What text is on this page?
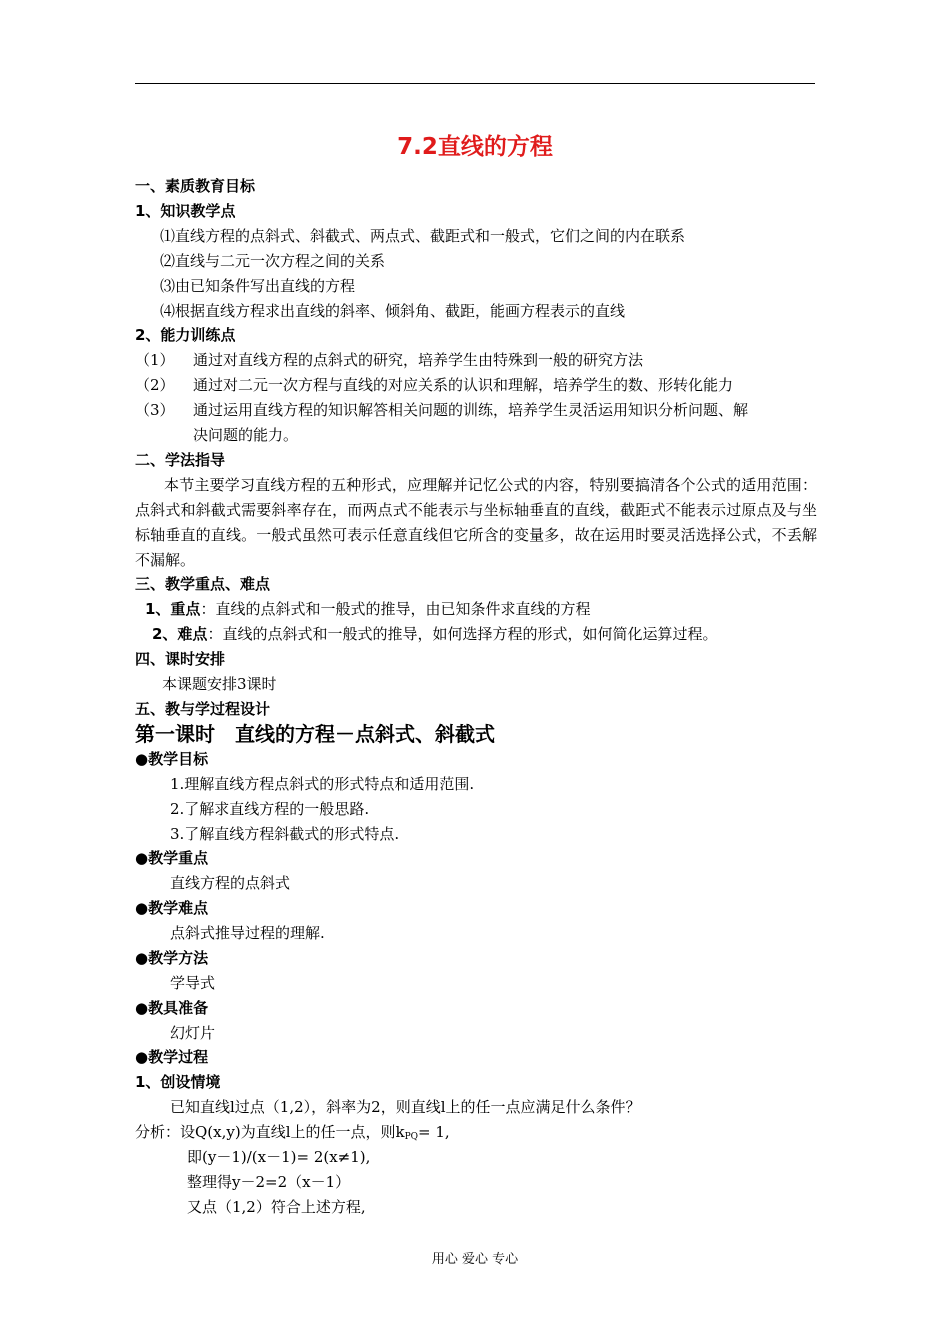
7.2直线的方程
一、素质教育目标
1、知识教学点
⑴直线方程的点斜式、斜截式、两点式、截距式和一般式，它们之间的内在联系
⑵直线与二元一次方程之间的关系
⑶由已知条件写出直线的方程
⑷根据直线方程求出直线的斜率、倾斜角、截距，能画方程表示的直线
2、能力训练点
（1） 通过对直线方程的点斜式的研究，培养学生由特殊到一般的研究方法
（2） 通过对二元一次方程与直线的对应关系的认识和理解，培养学生的数、形转化能力
（3） 通过运用直线方程的知识解答相关问题的训练，培养学生灵活运用知识分析问题、解
决问题的能力。
二、学法指导
本节主要学习直线方程的五种形式，应理解并记忆公式的内容，特别要搞清各个公式的适用范围：点斜式和斜截式需要斜率存在，而两点式不能表示与坐标轴垂直的直线，截距式不能表示过原点及与坐标轴垂直的直线。一般式虽然可表示任意直线但它所含的变量多，故在运用时要灵活选择公式，不丢解不漏解。
三、教学重点、难点
1、重点：直线的点斜式和一般式的推导，由已知条件求直线的方程
2、难点：直线的点斜式和一般式的推导，如何选择方程的形式，如何简化运算过程。
四、课时安排
本课题安排3课时
五、教与学过程设计
第一课时　直线的方程－点斜式、斜截式
●教学目标
1.理解直线方程点斜式的形式特点和适用范围.
2.了解求直线方程的一般思路.
3.了解直线方程斜截式的形式特点.
●教学重点
直线方程的点斜式
●教学难点
点斜式推导过程的理解.
●教学方法
学导式
●教具准备
幻灯片
●教学过程
1、创设情境
已知直线l过点（1,2），斜率为2，则直线l上的任一点应满足什么条件？
分析：设Q(x,y)为直线l上的任一点，则$k_{PQ}= 1$,
即(y－1)/(x－1)= 2(x≠1),
整理得y－2=2（x－1）
又点（1,2）符合上述方程,
用心 爱心 专心
